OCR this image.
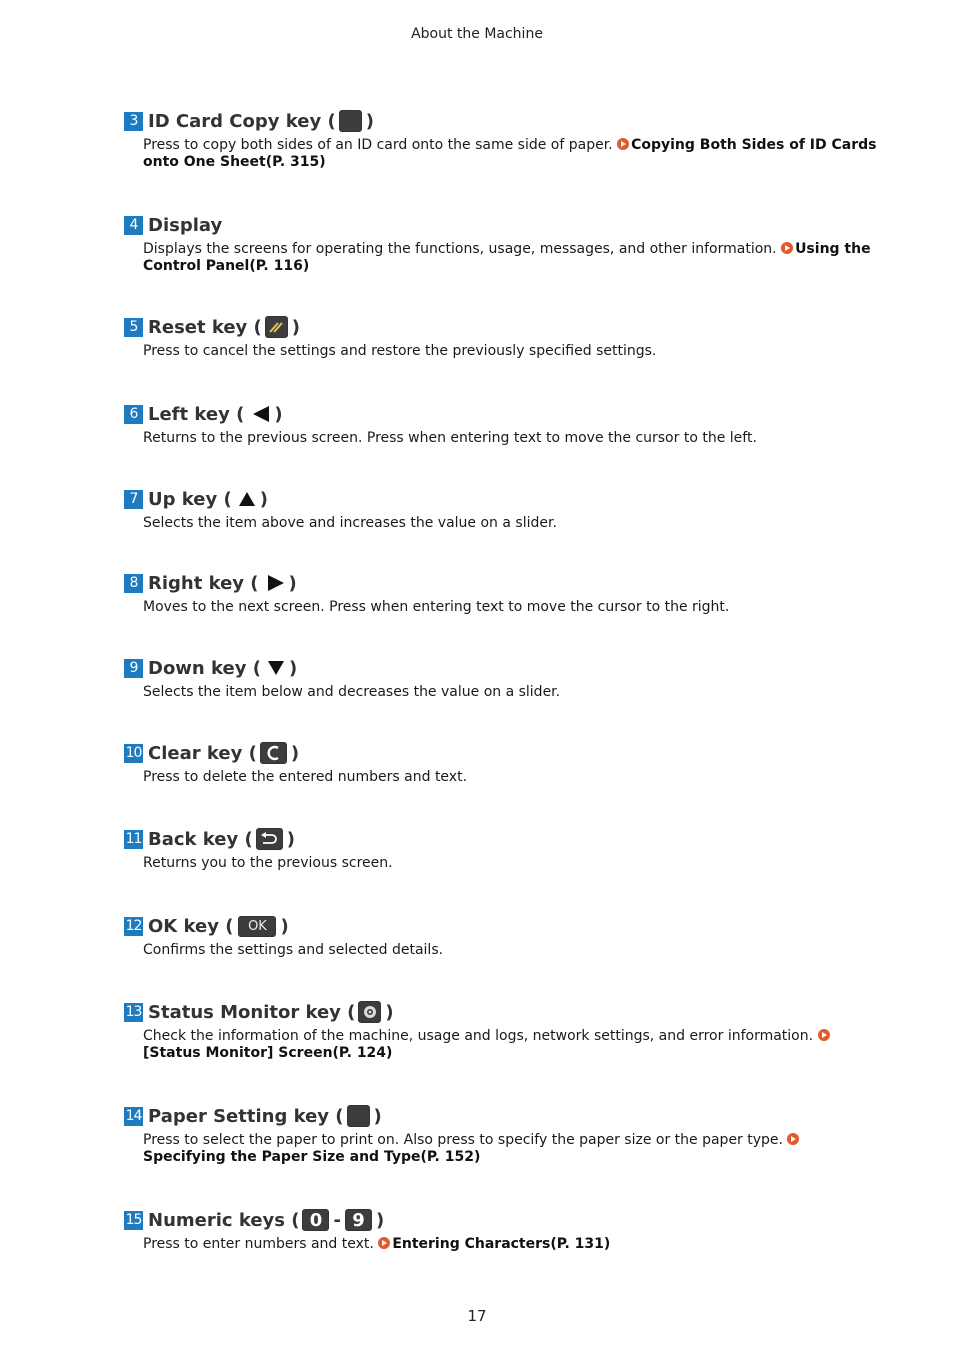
About the Machine
3 ID Card Copy key ( )
Press to copy both sides of an ID card onto the same side of paper. Copying Both Sides of ID Cards onto One Sheet(P. 315)
4 Display
Displays the screens for operating the functions, usage, messages, and other information. Using the Control Panel(P. 116)
5 Reset key ( )
Press to cancel the settings and restore the previously specified settings.
6 Left key ( )
Returns to the previous screen. Press when entering text to move the cursor to the left.
7 Up key ( )
Selects the item above and increases the value on a slider.
8 Right key ( )
Moves to the next screen. Press when entering text to move the cursor to the right.
9 Down key ( )
Selects the item below and decreases the value on a slider.
10 Clear key ( )
Press to delete the entered numbers and text.
11 Back key ( )
Returns you to the previous screen.
12 OK key (	OK )
Confirms the settings and selected details.
13 Status Monitor key ( )
Check the information of the machine, usage and logs, network settings, and error information. [Status Monitor] Screen(P. 124)
14 Paper Setting key ( )
Press to select the paper to print on. Also press to specify the paper size or the paper type. Specifying the Paper Size and Type(P. 152)
15 Numeric keys ( 0 - 9 )
Press to enter numbers and text. Entering Characters(P. 131)
17
